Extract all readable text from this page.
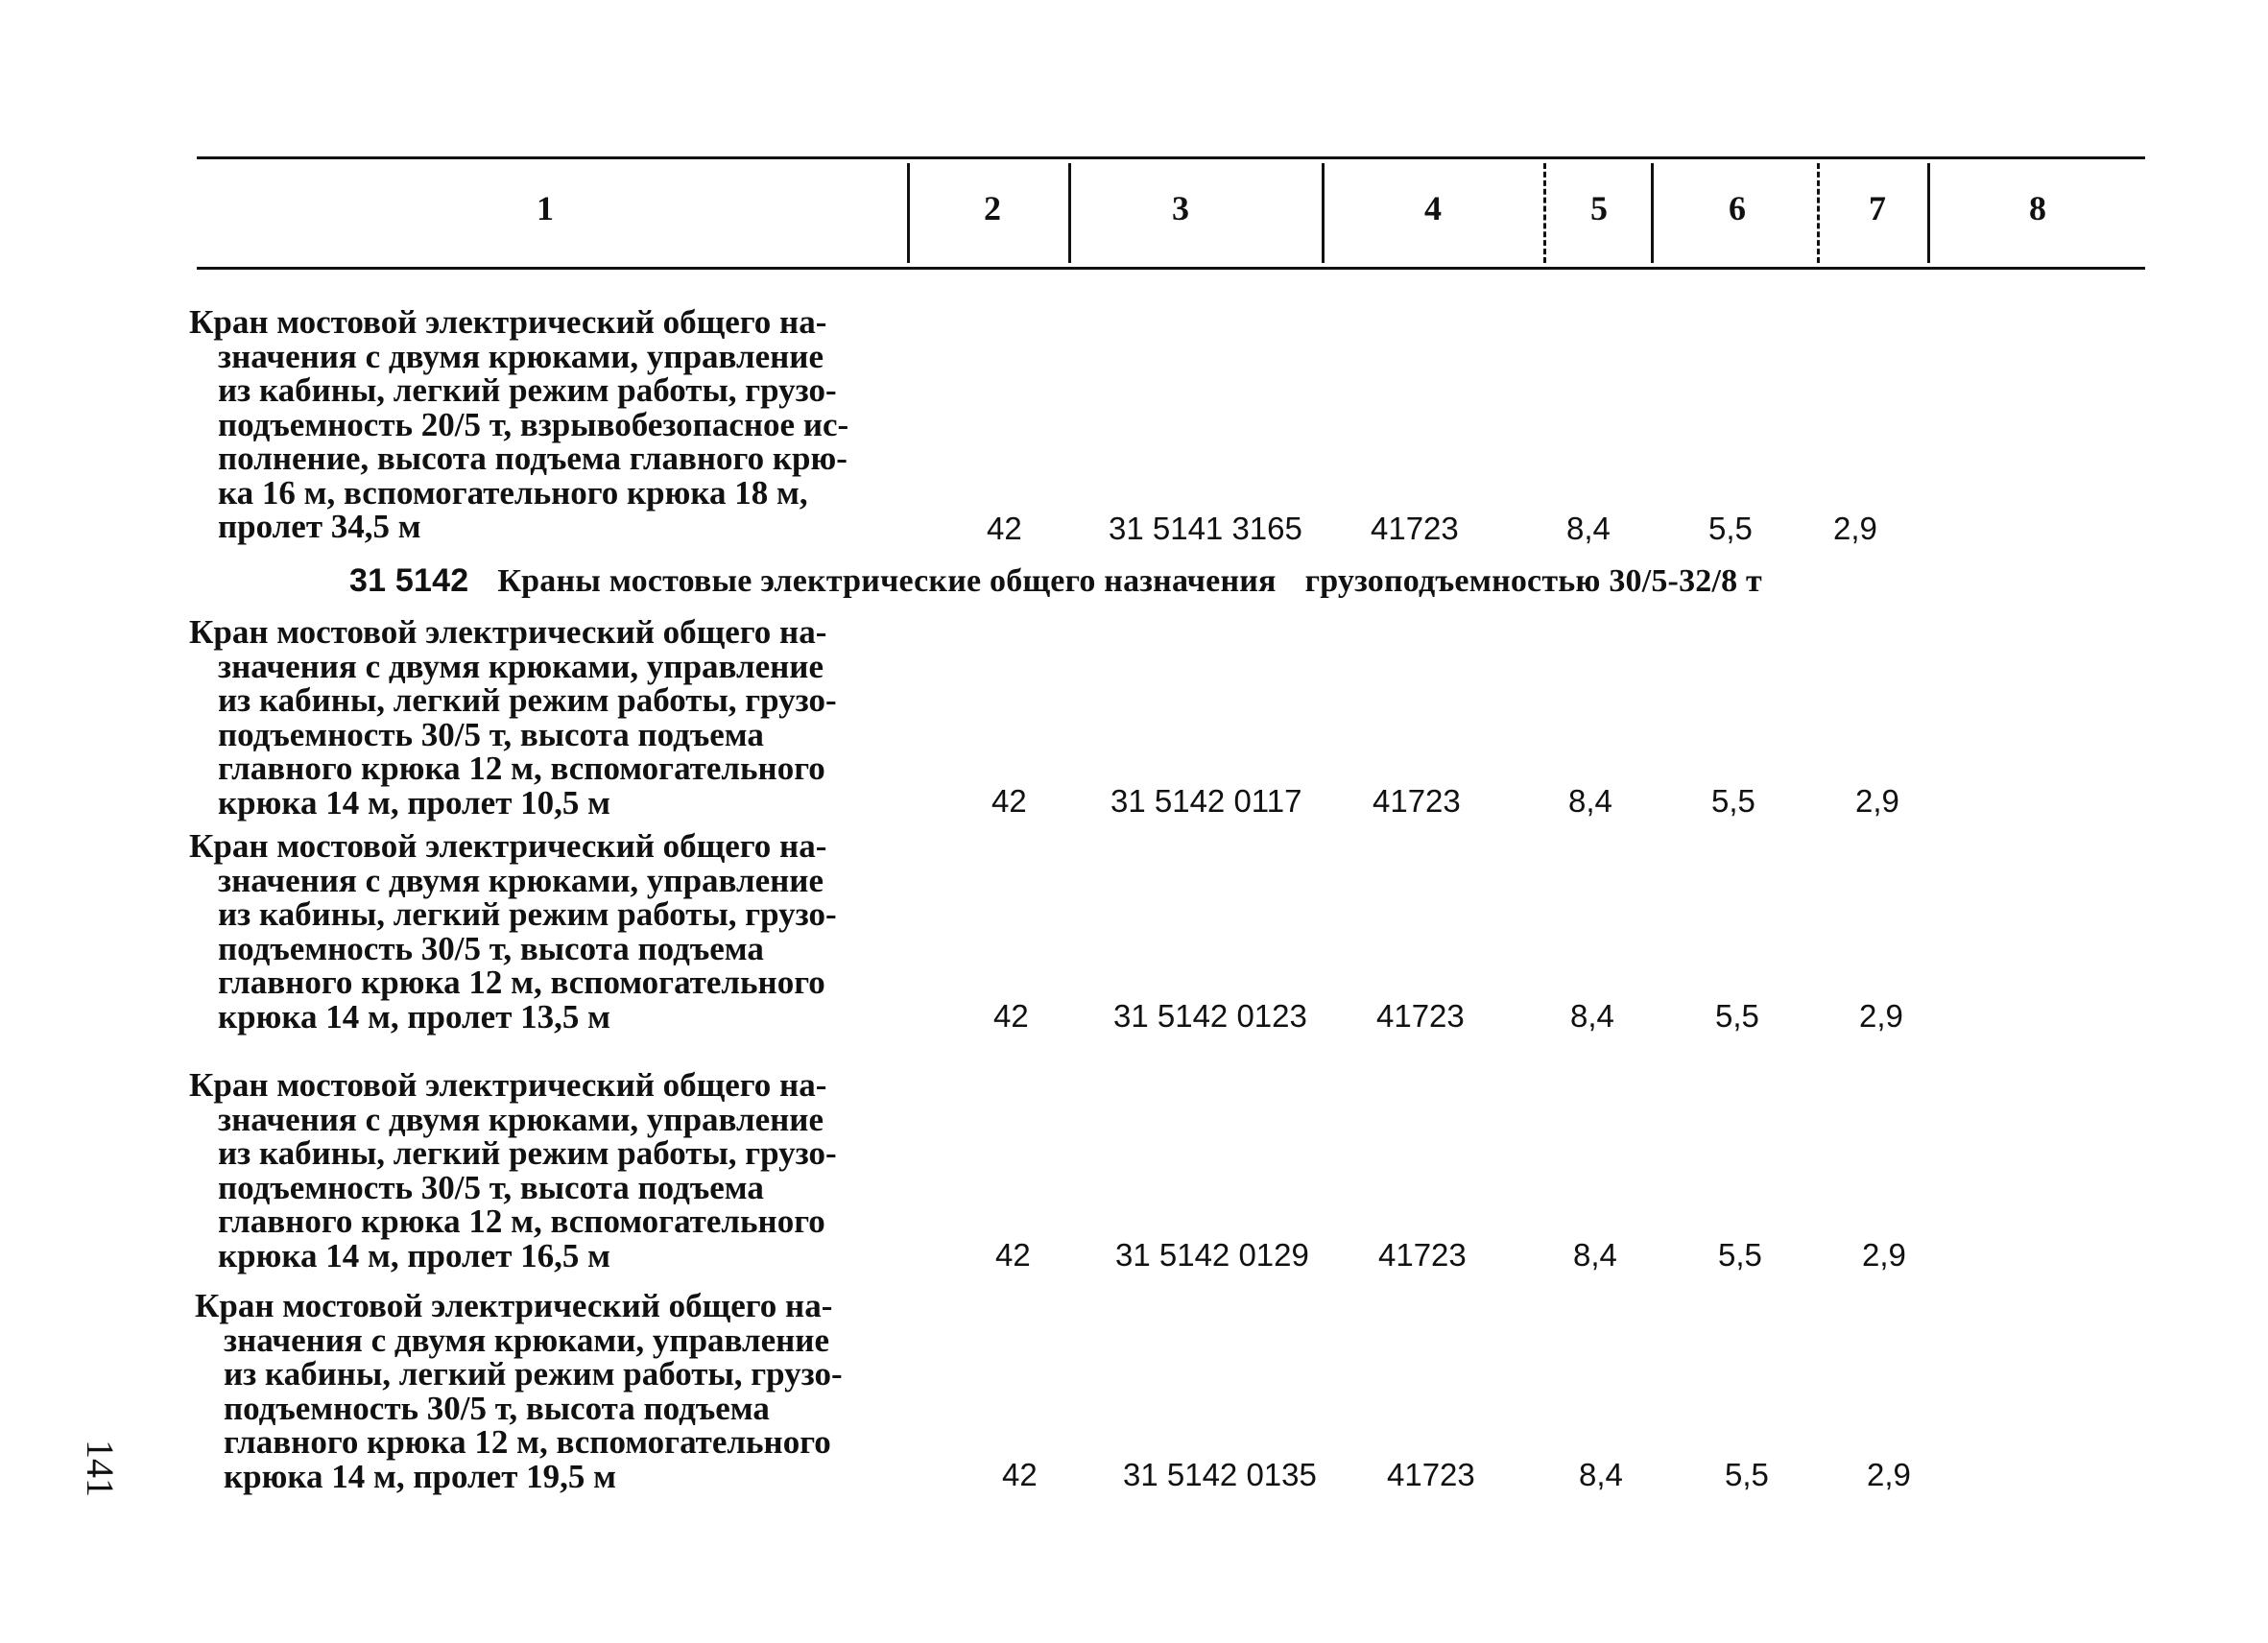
1	2	3	4	5	6	7	8
Кран мостовой электрический общего на-
значения с двумя крюками, управление
из кабины, легкий режим работы, грузо-
подъемность 20/5 т, взрывобезопасное ис-
полнение, высота подъема главного крю-
ка 16 м, вспомогательного крюка 18 м,
пролет 34,5 м	42	31 5141 3165 41723	8,4	5,5	2,9
31 5142 Краны мостовые электрические общего назначения грузоподъемностью 30/5-32/8 т
Кран мостовой электрический общего на-
значения с двумя крюками, управление
из кабины, легкий режим работы, грузо-
подъемность 30/5 т, высота подъема
главного крюка 12 м, вспомогательного
крюка 14 м, пролет 10,5 м	42	31 5142 0117 41723	8,4	5,5	2,9
Кран мостовой электрический общего на-
значения с двумя крюками, управление
из кабины, легкий режим работы, грузо-
подъемность 30/5 т, высота подъема
главного крюка 12 м, вспомогательного
крюка 14 м, пролет 13,5 м	42	31 5142 0123 41723	8,4	5,5	2,9
Кран мостовой электрический общего на-
значения с двумя крюками, управление
из кабины, легкий режим работы, грузо-
подъемность 30/5 т, высота подъема
главного крюка 12 м, вспомогательного
крюка 14 м, пролет 16,5 м	42	31 5142 0129 41723	8,4	5,5	2,9
Кран мостовой электрический общего на-
значения с двумя крюками, управление
из кабины, легкий режим работы, грузо-
подъемность 30/5 т, высота подъема
главного крюка 12 м, вспомогательного
крюка 14 м, пролет 19,5 м	42	31 5142 0135 41723	8,4	5,5	2,9
141
